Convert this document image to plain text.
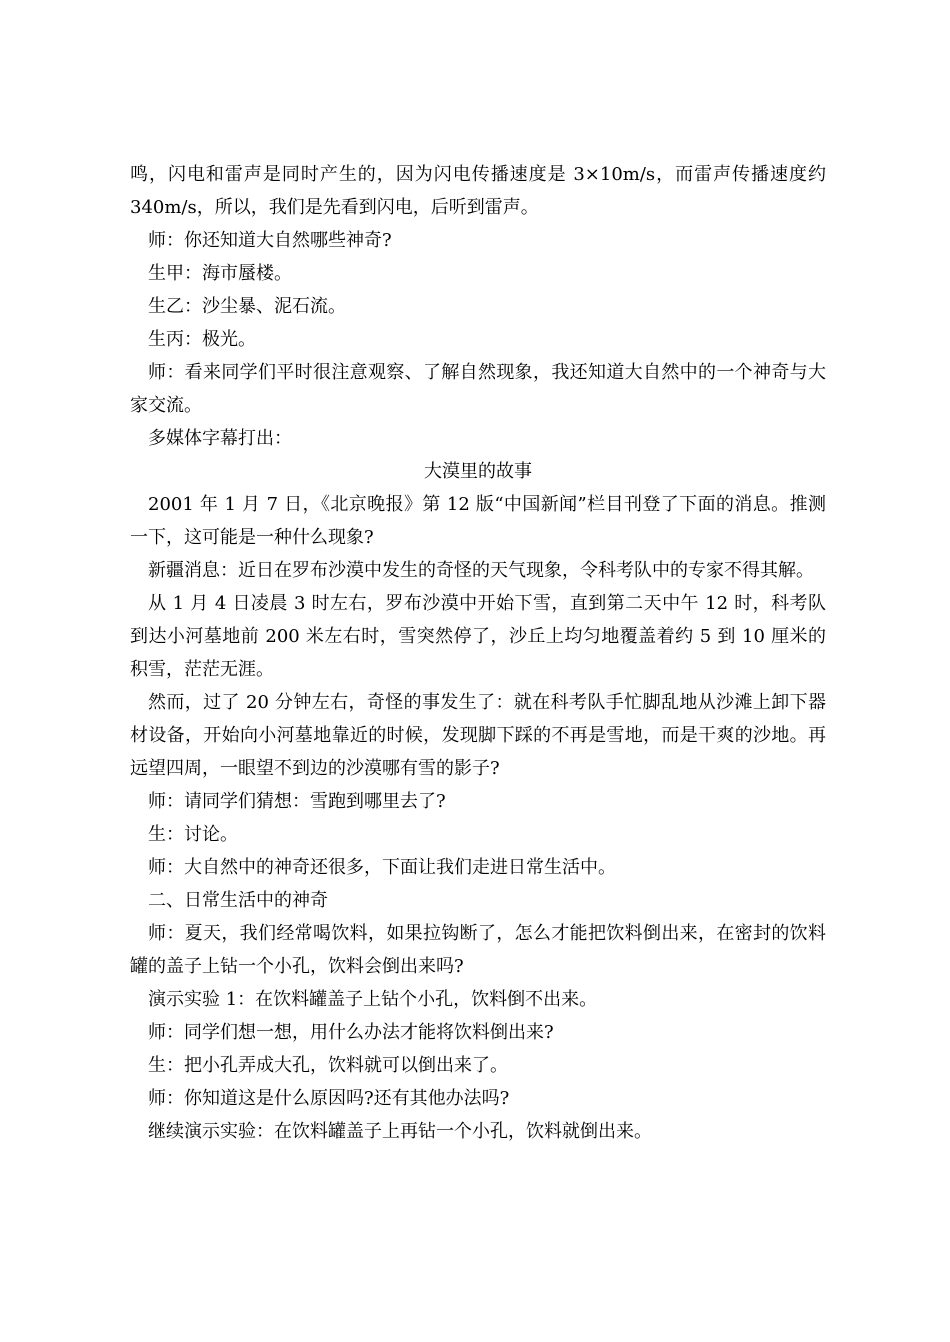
鸣，闪电和雷声是同时产生的，因为闪电传播速度是 3×10m/s，而雷声传播速度约340m/s，所以，我们是先看到闪电，后听到雷声。

师：你还知道大自然哪些神奇?

生甲：海市蜃楼。

生乙：沙尘暴、泥石流。

生丙：极光。

师：看来同学们平时很注意观察、了解自然现象，我还知道大自然中的一个神奇与大家交流。

多媒体字幕打出：

大漠里的故事

2001 年 1 月 7 日，《北京晚报》第 12 版“中国新闻”栏目刊登了下面的消息。推测一下，这可能是一种什么现象?

新疆消息：近日在罗布沙漠中发生的奇怪的天气现象，令科考队中的专家不得其解。

从 1 月 4 日凌晨 3 时左右，罗布沙漠中开始下雪，直到第二天中午 12 时，科考队到达小河墓地前 200 米左右时，雪突然停了，沙丘上均匀地覆盖着约 5 到 10 厘米的积雪，茫茫无涯。

然而，过了 20 分钟左右，奇怪的事发生了：就在科考队手忙脚乱地从沙滩上卸下器材设备，开始向小河墓地靠近的时候，发现脚下踩的不再是雪地，而是干爽的沙地。再远望四周，一眼望不到边的沙漠哪有雪的影子?

师：请同学们猜想：雪跑到哪里去了?

生：讨论。

师：大自然中的神奇还很多，下面让我们走进日常生活中。

二、日常生活中的神奇

师：夏天，我们经常喝饮料，如果拉钩断了，怎么才能把饮料倒出来，在密封的饮料罐的盖子上钻一个小孔，饮料会倒出来吗?

演示实验 1：在饮料罐盖子上钻个小孔，饮料倒不出来。

师：同学们想一想，用什么办法才能将饮料倒出来?

生：把小孔弄成大孔，饮料就可以倒出来了。

师：你知道这是什么原因吗?还有其他办法吗?

继续演示实验：在饮料罐盖子上再钻一个小孔，饮料就倒出来。
